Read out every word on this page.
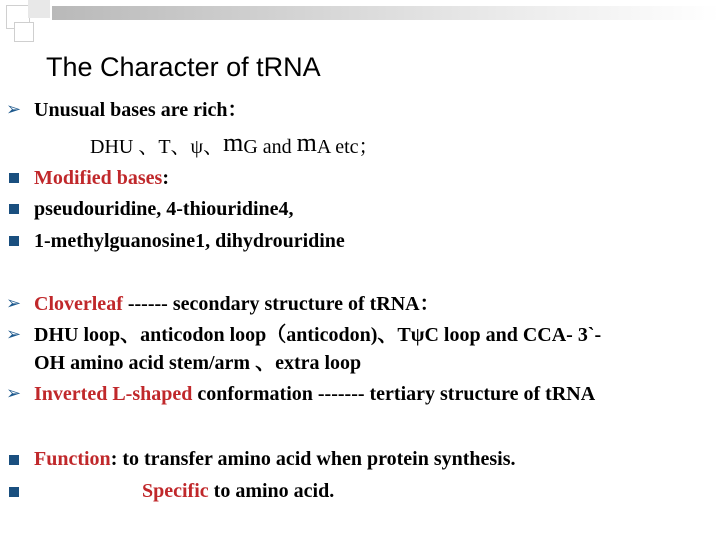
The Character of tRNA
➢ Unusual bases are rich：
DHU 、T、ψ、mG and mA etc；
Modified bases:
pseudouridine, 4-thiouridine4,
1-methylguanosine1, dihydrouridine
➢ Cloverleaf ------ secondary structure of tRNA：
➢ DHU loop、anticodon loop（anticodon)、TψC loop and CCA- 3`-
OH amino acid stem/arm 、extra loop
➢ Inverted L-shaped conformation ------- tertiary structure of tRNA
Function: to transfer amino acid when protein synthesis.
Specific to amino acid.
